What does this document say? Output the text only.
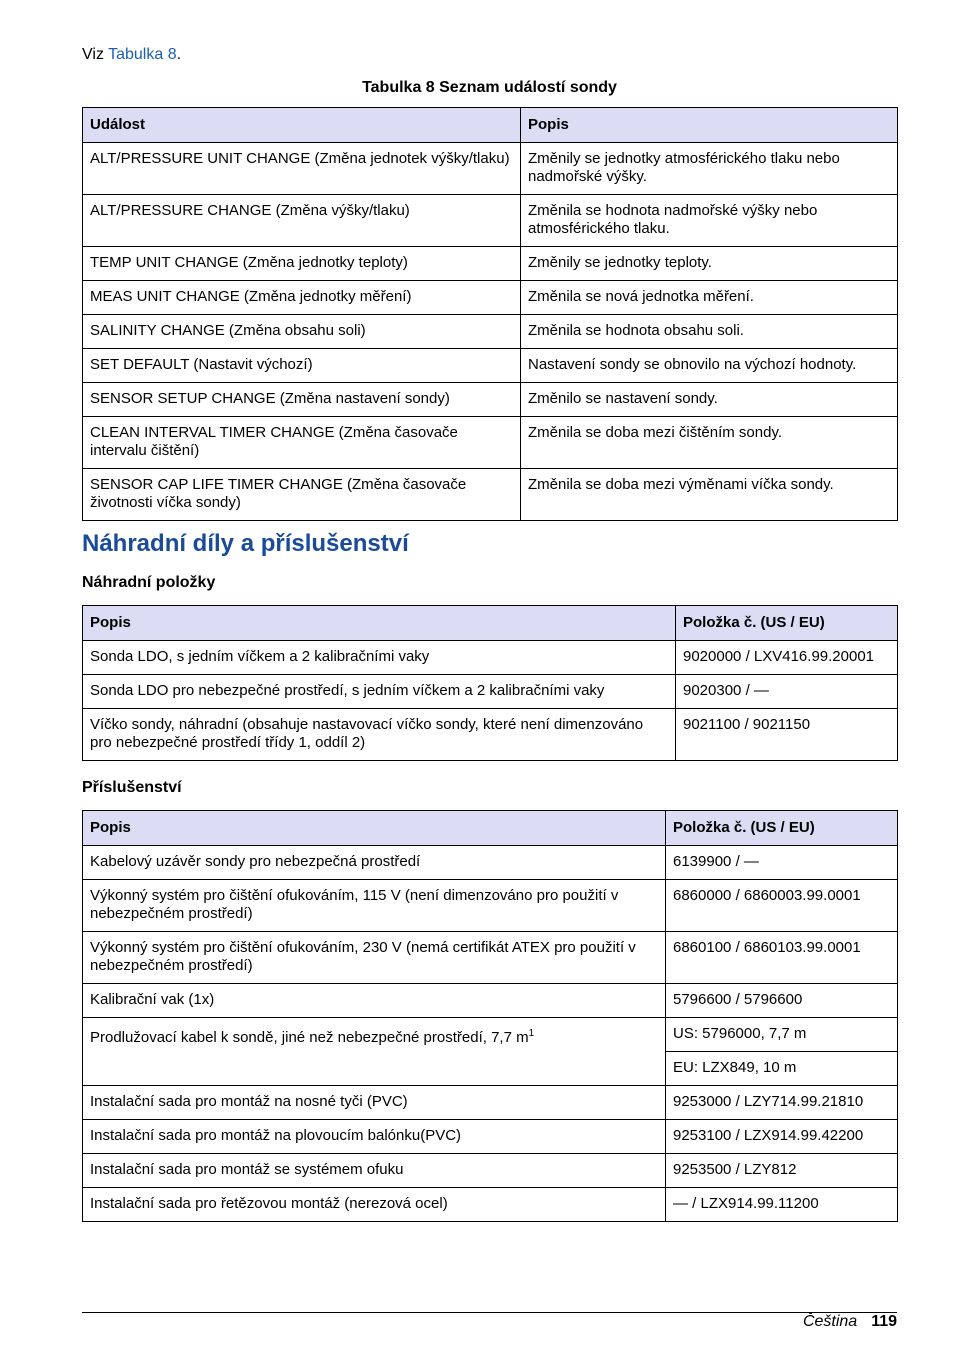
Viz Tabulka 8.
Tabulka 8 Seznam událostí sondy
Událost	Popis
ALT/PRESSURE UNIT CHANGE (Změna jednotek výšky/tlaku)	Změnily se jednotky atmosférického tlaku nebo nadmořské výšky.
ALT/PRESSURE CHANGE (Změna výšky/tlaku)	Změnila se hodnota nadmořské výšky nebo atmosférického tlaku.
TEMP UNIT CHANGE (Změna jednotky teploty)	Změnily se jednotky teploty.
MEAS UNIT CHANGE (Změna jednotky měření)	Změnila se nová jednotka měření.
SALINITY CHANGE (Změna obsahu soli)	Změnila se hodnota obsahu soli.
SET DEFAULT (Nastavit výchozí)	Nastavení sondy se obnovilo na výchozí hodnoty.
SENSOR SETUP CHANGE (Změna nastavení sondy)	Změnilo se nastavení sondy.
CLEAN INTERVAL TIMER CHANGE (Změna časovače intervalu čištění)	Změnila se doba mezi čištěním sondy.
SENSOR CAP LIFE TIMER CHANGE (Změna časovače životnosti víčka sondy)	Změnila se doba mezi výměnami víčka sondy.
Náhradní díly a příslušenství
Náhradní položky
Popis	Položka č. (US / EU)
Sonda LDO, s jedním víčkem a 2 kalibračními vaky	9020000 / LXV416.99.20001
Sonda LDO pro nebezpečné prostředí, s jedním víčkem a 2 kalibračními vaky	9020300 / —
Víčko sondy, náhradní (obsahuje nastavovací víčko sondy, které není dimenzováno pro nebezpečné prostředí třídy 1, oddíl 2)	9021100 / 9021150
Příslušenství
Popis	Položka č. (US / EU)
Kabelový uzávěr sondy pro nebezpečná prostředí	6139900 / —
Výkonný systém pro čištění ofukováním, 115 V (není dimenzováno pro použití v nebezpečném prostředí)	6860000 / 6860003.99.0001
Výkonný systém pro čištění ofukováním, 230 V (nemá certifikát ATEX pro použití v nebezpečném prostředí)	6860100 / 6860103.99.0001
Kalibrační vak (1x)	5796600 / 5796600
Prodlužovací kabel k sondě, jiné než nebezpečné prostředí, 7,7 $m^1$	US: 5796000, 7,7 m
	EU: LZX849, 10 m
Instalační sada pro montáž na nosné tyči (PVC)	9253000 / LZY714.99.21810
Instalační sada pro montáž na plovoucím balónku(PVC)	9253100 / LZX914.99.42200
Instalační sada pro montáž se systémem ofuku	9253500 / LZY812
Instalační sada pro řetězovou montáž (nerezová ocel)	— / LZX914.99.11200
Čeština 119
